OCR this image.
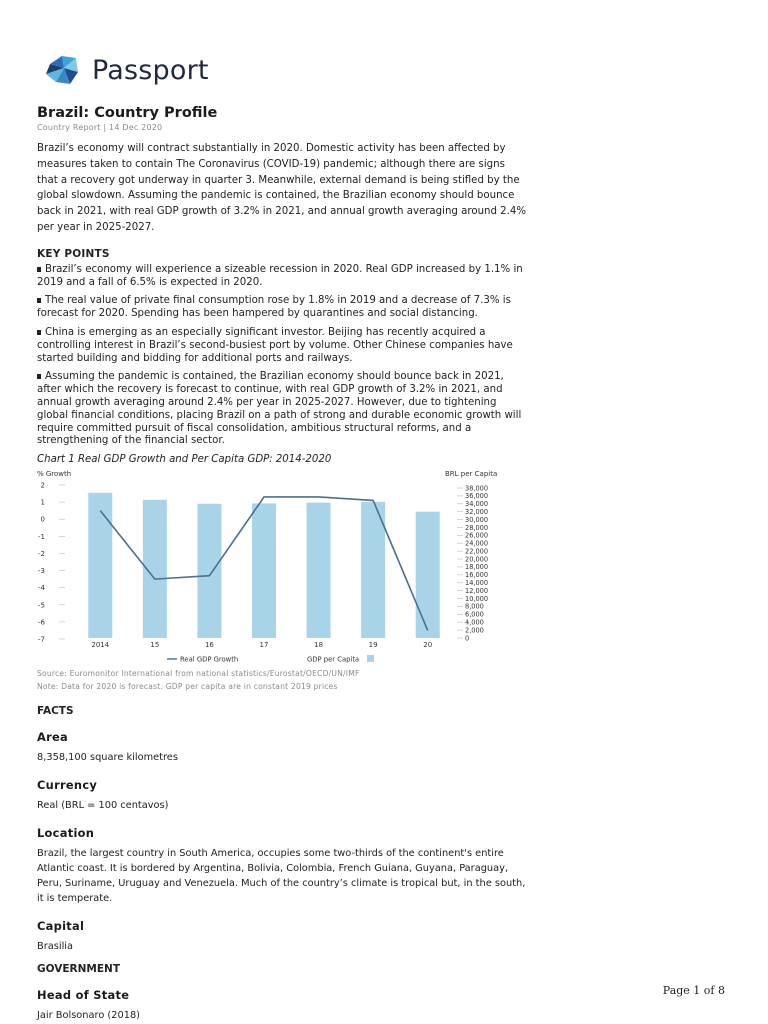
Passport
Brazil: Country Profile
Country Report | 14 Dec 2020

Brazil’s economy will contract substantially in 2020. Domestic activity has been affected by measures taken to contain The Coronavirus (COVID-19) pandemic; although there are signs that a recovery got underway in quarter 3. Meanwhile, external demand is being stifled by the global slowdown. Assuming the pandemic is contained, the Brazilian economy should bounce back in 2021, with real GDP growth of 3.2% in 2021, and annual growth averaging around 2.4% per year in 2025-2027.

KEY POINTS
Brazil’s economy will experience a sizeable recession in 2020. Real GDP increased by 1.1% in 2019 and a fall of 6.5% is expected in 2020.
The real value of private final consumption rose by 1.8% in 2019 and a decrease of 7.3% is forecast for 2020. Spending has been hampered by quarantines and social distancing.
China is emerging as an especially significant investor. Beijing has recently acquired a controlling interest in Brazil’s second-busiest port by volume. Other Chinese companies have started building and bidding for additional ports and railways.
Assuming the pandemic is contained, the Brazilian economy should bounce back in 2021, after which the recovery is forecast to continue, with real GDP growth of 3.2% in 2021, and annual growth averaging around 2.4% per year in 2025-2027. However, due to tightening global financial conditions, placing Brazil on a path of strong and durable economic growth will require committed pursuit of fiscal consolidation, ambitious structural reforms, and a strengthening of the financial sector.
Chart 1 Real GDP Growth and Per Capita GDP: 2014-2020
% Growth	BRL per Capita
2
1
0
-1
-2
-3
-4
-5
-6
-7
38,000
36,000
34,000
32,000
30,000
28,000
26,000
24,000
22,000
20,000
18,000
16,000
14,000
12,000
10,000
8,000
6,000
4,000
2,000
0
2014	15	16	17	18	19	20
Real GDP Growth	GDP per Capita
Source: Euromonitor International from national statistics/Eurostat/OECD/UN/IMF
Note: Data for 2020 is forecast. GDP per capita are in constant 2019 prices
FACTS
Area
8,358,100 square kilometres
Currency
Real (BRL = 100 centavos)
Location
Brazil, the largest country in South America, occupies some two-thirds of the continent's entire Atlantic coast. It is bordered by Argentina, Bolivia, Colombia, French Guiana, Guyana, Paraguay, Peru, Suriname, Uruguay and Venezuela. Much of the country’s climate is tropical but, in the south, it is temperate.
Capital
Brasilia
GOVERNMENT
Head of State
Jair Bolsonaro (2018)
Page 1 of 8
